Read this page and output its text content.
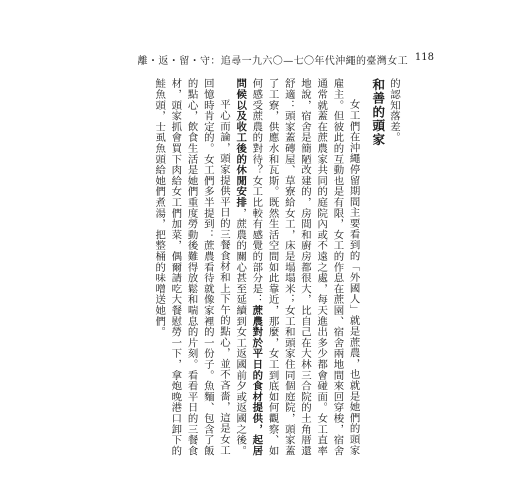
離・返・留・守：追尋一九六〇—七〇年代沖繩的臺灣女工 118

的認知落差。

和善的頭家

女工們在沖繩停留期間主要看到的「外國人」就是蔗農，也就是她們的頭家雇主。但彼此的互動也是有限，女工的作息在蔗園、宿舍兩地間來回穿梭，宿舍通常就蓋在蔗農家共同的庭院內或不遠之處，每天進出多少都會碰面。女工直率地說，宿舍是簡陋改建的，房間和廚房都很大，比自己在大林三合院的土角厝還舒適：頭家蓋磚屋、草寮給女工，床是塌塌米；女工和頭家住同個庭院，頭家蓋了工寮，供應水和瓦斯。既然生活空間如此靠近，那麼，女工到底如何觀察、如何感受蔗農的對待？女工比較有感覺的部分是：蔗農對於平日的食材提供，起居問候以及收工後的休閒安排，蔗農的關心甚至延續到女工返國前夕或返國之後。

平心而論，頭家提供平日的三餐食材和上下午的點心，並不吝嗇，這是女工回憶時肯定的。女工們多半提到：蔗農看待就像家裡的一份子。魚麵、包含了飯的點心，飲食生活是她們重度勞動後難得放鬆和喘息的片刻。看看平日的三餐食材，頭家抓會買下肉給女工們加菜，偶爾請吃大餐慰勞一下，拿炮晚港口卸下的鮭魚頭，士虱魚頭給她們煮湯，把整桶的味噌送她們。
